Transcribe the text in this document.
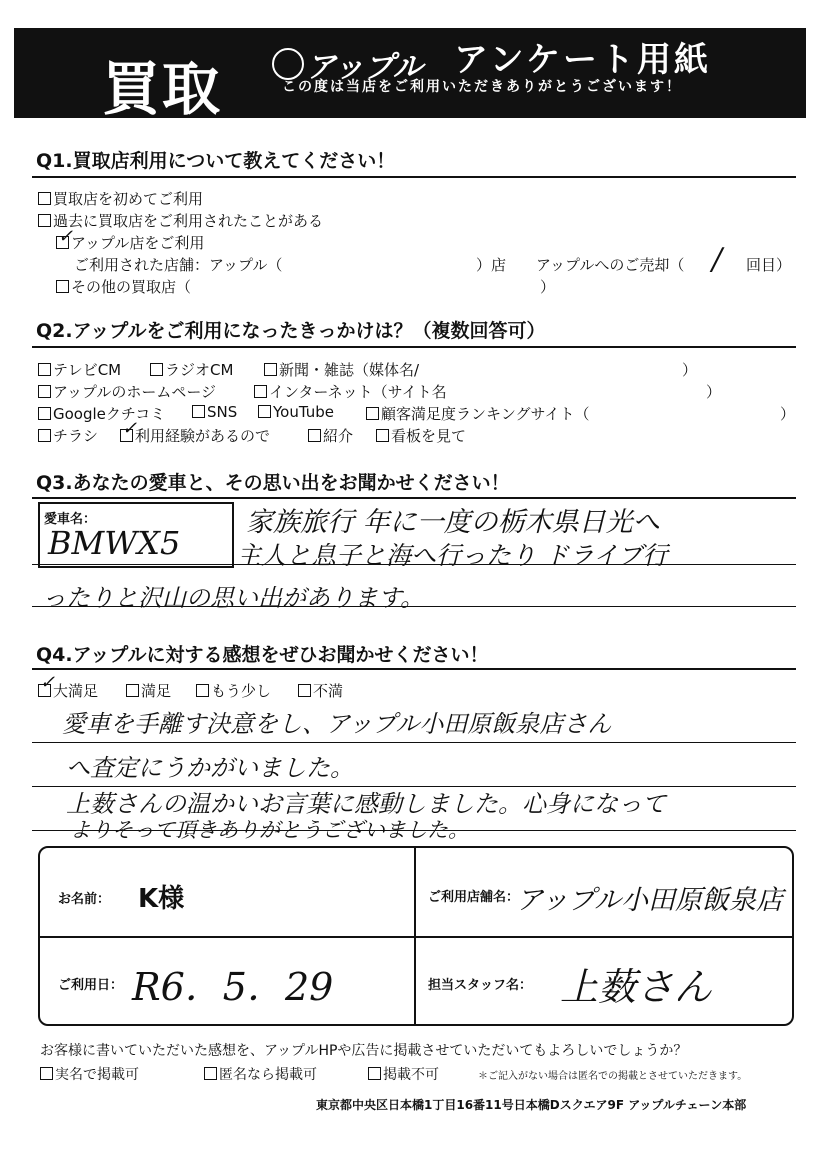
買取	アップル アンケート用紙
この度は当店をご利用いただきありがとうございます！
Q1.買取店利用について教えてください！
買取店を初めてご利用
過去に買取店をご利用されたことがある
アップル店をご利用
✓
ご利用された店舗：アップル（	）店 アップルへのご売却（ / 回目）
その他の買取店（	）
Q2.アップルをご利用になったきっかけは？（複数回答可）
テレビCM	ラジオCM	新聞・雑誌（媒体名/	）
アップルのホームページ	インターネット（サイト名	）
Googleクチコミ	SNS	YouTube	顧客満足度ランキングサイト（	）
チラシ	利用経験があるので
✓	紹介	看板を見て
Q3.あなたの愛車と、その思い出をお聞かせください！
愛車名：
BMWX5
家族旅行 年に一度の栃木県日光へ
主人と息子と海へ行ったり ドライブ行
ったりと沢山の思い出があります。
Q4.アップルに対する感想をぜひお聞かせください！
大満足
✓	満足	もう少し	不満
愛車を手離す決意をし、アップル小田原飯泉店さん
へ査定にうかがいました。
上薮さんの温かいお言葉に感動しました。心身になって
よりそって頂きありがとうございました。
お名前： K様	ご利用店舗名：
アップル小田原飯泉店
ご利用日： R6．5．29	担当スタッフ名： 上薮さん
お客様に書いていただいた感想を、アップルHPや広告に掲載させていただいてもよろしいでしょうか？
実名で掲載可	匿名なら掲載可	掲載不可	＊ご記入がない場合は匿名での掲載とさせていただきます。
東京都中央区日本橋1丁目16番11号日本橋Dスクエア9F アップルチェーン本部
